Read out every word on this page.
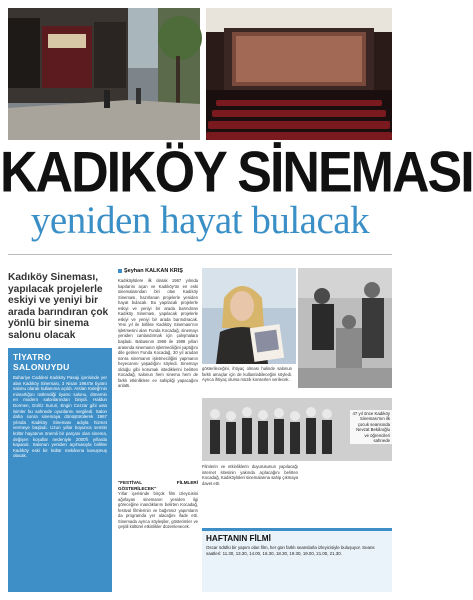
KADIKÖY SİNEMASI
yeniden hayat bulacak
Kadıköy Sineması, yapılacak projelerle eskiyi ve yeniyi bir arada barındıran çok yönlü bir sinema salonu olacak
TİYATRO SALONUYDU

Bahariye Caddesi Kadıköy Pasajı içerisinde yer alan Kadıköy Sineması, 3 Nisan 1964'te tiyatro salonu olarak kullanıma açıldı. Arslan Kaleği'nin mimarlığını üstlendiği tiyatro salonu, dönemin en modern salonlarından biriydi. Haldun Dormen, Gülriz Sururi, Engin Cezzar gibi usta isimler bu sahnede oyunlarını sergiledi. Salon daha sonra sinemaya dönüştürülerek 1967 yılında Kadıköy Sineması adıyla hizmet vermeye başladı. Uzun yıllar boyunca semtin kültür hayatının önemli bir parçası olan sinema, değişen koşullar nedeniyle 2000'li yıllarda kapandı. Salonun yeniden açılmasıyla birlikte Kadıköy eski bir kültür mekânına kavuşmuş olacak.

Şeyhan KALKAN KRIŞ
Kadıköylülere ilk olarak 1967 yılında kapılarını açan ve Kadıköy'ün en eski sinemalarından biri olan Kadıköy Sineması, hazırlanan projelerle yeniden hayat bulacak. Bu yapılacak projelerle eskiyi ve yeniyi bir arada barındıran Kadıköy Sineması, yapılacak projelerle eskiyi ve yeniyi bir arada barındıracak. Yeni yıl ile birlikte Kadıköy Sineması'nın işletmesini alan Funda Kocadağ, sinemayı yeniden canlandırmak için çalışmalara başladı. Babasının 1968 ile 1988 yılları arasında sinemanın işletmeciliğini yaptığını dile getiren Funda Kocadağ, 30 yıl aradan sonra sinemanın işletmeciliğini yapmanın heyecanını yaşadığını söyledi. Sinemayı olduğu gibi korumak istediklerini belirten Kocadağ, salonun hem sinema hem de farklı etkinliklere ev sahipliği yapacağını anlattı.
"FESTİVAL FİLMLERİ GÖSTERİLECEK"
Yıllar içerisinde birçok film izleyicisini ağırlayan sinemanın yeniden ilgi göreceğine inandıklarını belirten Kocadağ, festival filmlerinin ve bağımsız yapımların da programda yer alacağını ifade etti. Sinemada ayrıca söyleşiler, gösterimler ve çeşitli kültürel etkinlikler düzenlenecek.
gösterileceğini, ihtiyaç olması halinde salonun farklı amaçlar için de kullanılabileceğini söyledi. Ayrıca ihtiyaç olursa müzik konserleri verilecek.
47 yıl önce Kadıköy Sineması'nın ilk çocuk seansında Nevzat Bekâroğlu ve öğrencileri sahnede
Filmlerin ve etkinliklerin duyurusunun yapılacağı internet sitesinin yakında açılacağını belirten Kocadağ, Kadıköylüleri sinemalarına sahip çıkmaya davet etti.
HAFTANIN FİLMİ

Oscar ödüllü bir yapım olan film, her gün farklı seanslarla izleyicisiyle buluşuyor. Seans saatleri: 11.30, 13.30, 14.00, 16.30, 18.30, 19.30, 19.00, 21.00, 21.30.
